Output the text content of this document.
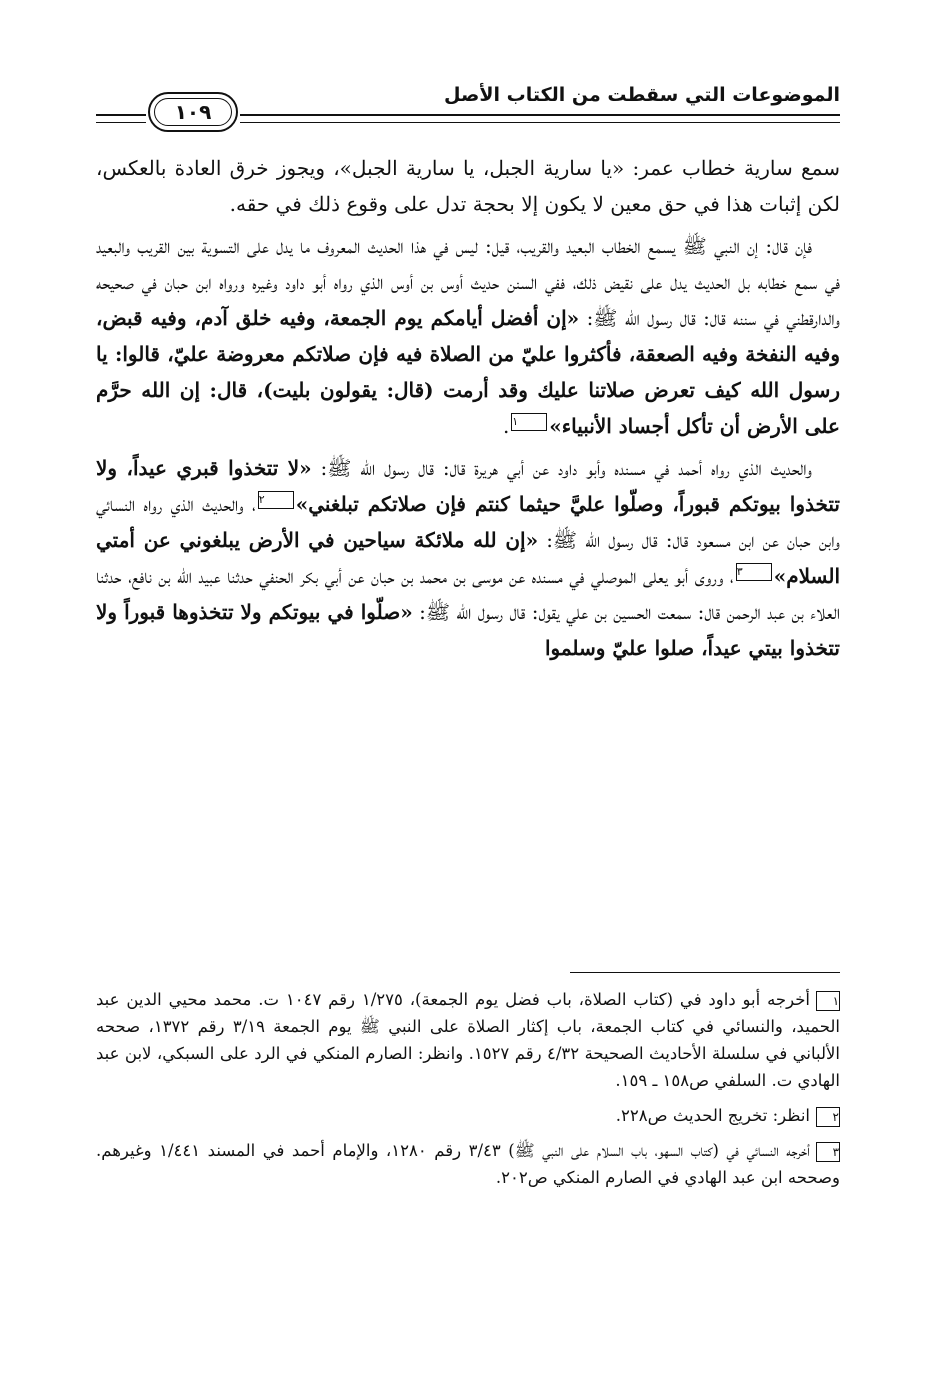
الموضوعات التي سقطت من الكتاب الأصل
١٠٩

سمع سارية خطاب عمر: «يا سارية الجبل، يا سارية الجبل»، ويجوز خرق العادة بالعكس، لكن إثبات هذا في حق معين لا يكون إلا بحجة تدل على وقوع ذلك في حقه.

فإن قال: إن النبي ﷺ يسمع الخطاب البعيد والقريب، قيل: ليس في هذا الحديث المعروف ما يدل على التسوية بين القريب والبعيد في سمع خطابه بل الحديث يدل على نقيض ذلك، ففي السنن حديث أوس بن أوس الذي رواه أبو داود وغيره ورواه ابن حبان في صحيحه والدارقطني في سننه قال: قال رسول الله ﷺ: «إن أفضل أيامكم يوم الجمعة، وفيه خلق آدم، وفيه قبض، وفيه النفخة وفيه الصعقة، فأكثروا عليّ من الصلاة فيه فإن صلاتكم معروضة عليّ، قالوا: يا رسول الله كيف تعرض صلاتنا عليك وقد أرمت (قال: يقولون بليت)، قال: إن الله حرَّم على الأرض أن تأكل أجساد الأنبياء»١.

والحديث الذي رواه أحمد في مسنده وأبو داود عن أبي هريرة قال: قال رسول الله ﷺ: «لا تتخذوا قبري عيداً، ولا تتخذوا بيوتكم قبوراً، وصلّوا عليَّ حيثما كنتم فإن صلاتكم تبلغني»٢، والحديث الذي رواه النسائي وابن حبان عن ابن مسعود قال: قال رسول الله ﷺ: «إن لله ملائكة سياحين في الأرض يبلغوني عن أمتي السلام»٣، وروى أبو يعلى الموصلي في مسنده عن موسى بن محمد بن حبان عن أبي بكر الحنفي حدثنا عبيد الله بن نافع، حدثنا العلاء بن عبد الرحمن قال: سمعت الحسين بن علي يقول: قال رسول الله ﷺ: «صلّوا في بيوتكم ولا تتخذوها قبوراً ولا تتخذوا بيتي عيداً، صلوا عليّ وسلموا

١أخرجه أبو داود في (كتاب الصلاة، باب فضل يوم الجمعة)، ١/٢٧٥ رقم ١٠٤٧ ت. محمد محيي الدين عبد الحميد، والنسائي في كتاب الجمعة، باب إكثار الصلاة على النبي ﷺ يوم الجمعة ٣/١٩ رقم ١٣٧٢، صححه الألباني في سلسلة الأحاديث الصحيحة ٤/٣٢ رقم ١٥٢٧. وانظر: الصارم المنكي في الرد على السبكي، لابن عبد الهادي ت. السلفي ص١٥٨ ـ ١٥٩.

٢انظر: تخريج الحديث ص٢٢٨.

٣أخرجه النسائي في (كتاب السهو، باب السلام على النبي ﷺ) ٣/٤٣ رقم ١٢٨٠، والإمام أحمد في المسند ١/٤٤١ وغيرهم. وصححه ابن عبد الهادي في الصارم المنكي ص٢٠٢.
